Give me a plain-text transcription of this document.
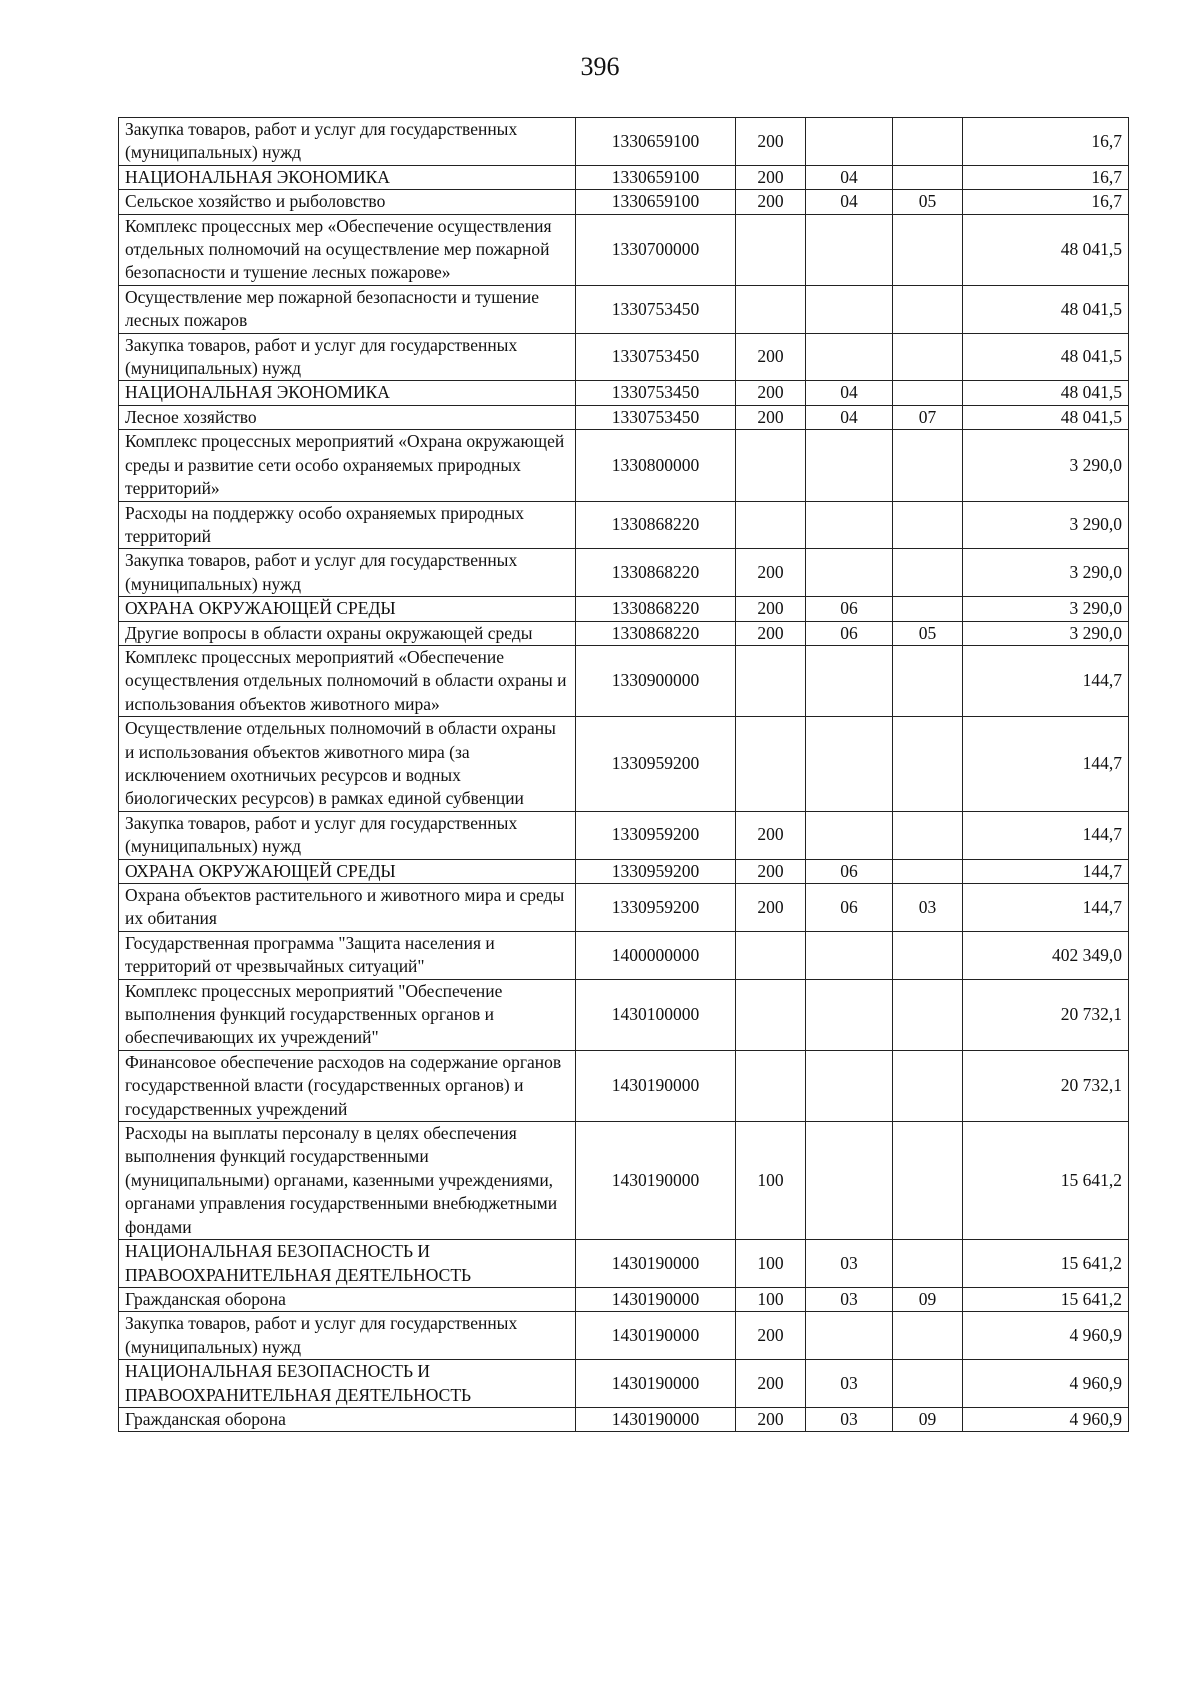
396
Закупка товаров, работ и услуг для государственных (муниципальных) нужд	1330659100	200			16,7
НАЦИОНАЛЬНАЯ ЭКОНОМИКА	1330659100	200	04		16,7
Сельское хозяйство и рыболовство	1330659100	200	04	05	16,7
Комплекс процессных мер «Обеспечение осуществления отдельных полномочий на осуществление мер пожарной безопасности и тушение лесных пожарове»	1330700000				48 041,5
Осуществление мер пожарной безопасности и тушение лесных пожаров	1330753450				48 041,5
Закупка товаров, работ и услуг для государственных (муниципальных) нужд	1330753450	200			48 041,5
НАЦИОНАЛЬНАЯ ЭКОНОМИКА	1330753450	200	04		48 041,5
Лесное хозяйство	1330753450	200	04	07	48 041,5
Комплекс процессных мероприятий «Охрана окружающей среды и развитие сети особо охраняемых природных территорий»	1330800000				3 290,0
Расходы на поддержку особо охраняемых природных территорий	1330868220				3 290,0
Закупка товаров, работ и услуг для государственных (муниципальных) нужд	1330868220	200			3 290,0
ОХРАНА ОКРУЖАЮЩЕЙ СРЕДЫ	1330868220	200	06		3 290,0
Другие вопросы в области охраны окружающей среды	1330868220	200	06	05	3 290,0
Комплекс процессных мероприятий «Обеспечение осуществления отдельных полномочий в области охраны и использования объектов животного мира»	1330900000				144,7
Осуществление отдельных полномочий в области охраны и использования объектов животного мира (за исключением охотничьих ресурсов и водных биологических ресурсов) в рамках единой субвенции	1330959200				144,7
Закупка товаров, работ и услуг для государственных (муниципальных) нужд	1330959200	200			144,7
ОХРАНА ОКРУЖАЮЩЕЙ СРЕДЫ	1330959200	200	06		144,7
Охрана объектов растительного и животного мира и среды их обитания	1330959200	200	06	03	144,7
Государственная программа "Защита населения и территорий от чрезвычайных ситуаций"	1400000000				402 349,0
Комплекс процессных мероприятий "Обеспечение выполнения функций государственных органов и обеспечивающих их учреждений"	1430100000				20 732,1
Финансовое обеспечение расходов на содержание органов государственной власти (государственных органов) и государственных учреждений	1430190000				20 732,1
Расходы на выплаты персоналу в целях обеспечения выполнения функций государственными (муниципальными) органами, казенными учреждениями, органами управления государственными внебюджетными фондами	1430190000	100			15 641,2
НАЦИОНАЛЬНАЯ БЕЗОПАСНОСТЬ И ПРАВООХРАНИТЕЛЬНАЯ ДЕЯТЕЛЬНОСТЬ	1430190000	100	03		15 641,2
Гражданская оборона	1430190000	100	03	09	15 641,2
Закупка товаров, работ и услуг для государственных (муниципальных) нужд	1430190000	200			4 960,9
НАЦИОНАЛЬНАЯ БЕЗОПАСНОСТЬ И ПРАВООХРАНИТЕЛЬНАЯ ДЕЯТЕЛЬНОСТЬ	1430190000	200	03		4 960,9
Гражданская оборона	1430190000	200	03	09	4 960,9
